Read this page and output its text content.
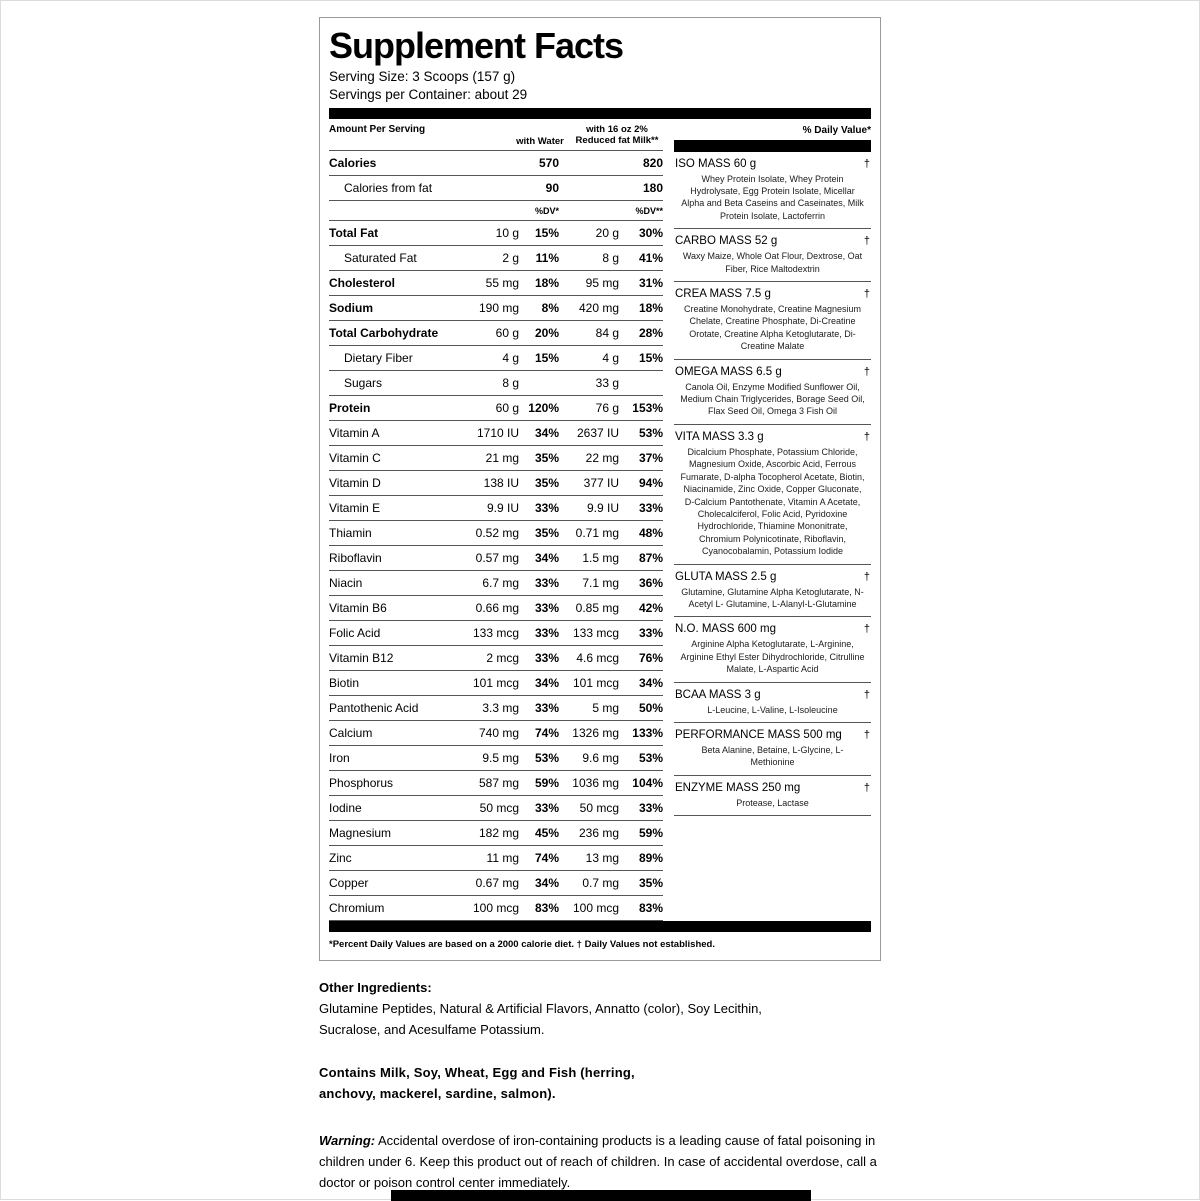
Supplement Facts
Serving Size: 3 Scoops (157 g)
Servings per Container: about 29
Amount Per Serving
with Water
with 16 oz 2% Reduced fat Milk**
Calories	570	820
Calories from fat	90	180
%DV*	%DV**
Total Fat	10 g	15%	20 g	30%
Saturated Fat	2 g	11%	8 g	41%
Cholesterol	55 mg	18%	95 mg	31%
Sodium	190 mg	8%	420 mg	18%
Total Carbohydrate	60 g	20%	84 g	28%
Dietary Fiber	4 g	15%	4 g	15%
Sugars	8 g	33 g
Protein	60 g 120%	76 g	153%
Vitamin A	1710 IU	34%	2637 IU	53%
Vitamin C	21 mg	35%	22 mg	37%
Vitamin D	138 IU	35%	377 IU	94%
Vitamin E	9.9 IU	33%	9.9 IU	33%
Thiamin	0.52 mg	35%	0.71 mg	48%
Riboflavin	0.57 mg	34%	1.5 mg	87%
Niacin	6.7 mg	33%	7.1 mg	36%
Vitamin B6	0.66 mg	33%	0.85 mg	42%
Folic Acid	133 mcg	33%	133 mcg	33%
Vitamin B12	2 mcg	33%	4.6 mcg	76%
Biotin	101 mcg	34%	101 mcg	34%
Pantothenic Acid	3.3 mg	33%	5 mg	50%
Calcium	740 mg	74%	1326 mg	133%
Iron	9.5 mg	53%	9.6 mg	53%
Phosphorus	587 mg	59%	1036 mg	104%
Iodine	50 mcg	33%	50 mcg	33%
Magnesium	182 mg	45%	236 mg	59%
Zinc	11 mg	74%	13 mg	89%
Copper	0.67 mg	34%	0.7 mg	35%
Chromium	100 mcg	83%	100 mcg	83%
% Daily Value*
ISO MASS 60 g	†
Whey Protein Isolate, Whey Protein Hydrolysate, Egg Protein Isolate, Micellar Alpha and Beta Caseins and Caseinates, Milk Protein Isolate, Lactoferrin
CARBO MASS 52 g	†
Waxy Maize, Whole Oat Flour, Dextrose, Oat Fiber, Rice Maltodextrin
CREA MASS 7.5 g	†
Creatine Monohydrate, Creatine Magnesium Chelate, Creatine Phosphate, Di-Creatine Orotate, Creatine Alpha Ketoglutarate, Di-Creatine Malate
OMEGA MASS 6.5 g	†
Canola Oil, Enzyme Modified Sunflower Oil, Medium Chain Triglycerides, Borage Seed Oil, Flax Seed Oil, Omega 3 Fish Oil
VITA MASS 3.3 g	†
Dicalcium Phosphate, Potassium Chloride, Magnesium Oxide, Ascorbic Acid, Ferrous Fumarate, D-alpha Tocopherol Acetate, Biotin, Niacinamide, Zinc Oxide, Copper Gluconate, D-Calcium Pantothenate, Vitamin A Acetate, Cholecalciferol, Folic Acid, Pyridoxine Hydrochloride, Thiamine Mononitrate, Chromium Polynicotinate, Riboflavin, Cyanocobalamin, Potassium Iodide
GLUTA MASS 2.5 g	†
Glutamine, Glutamine Alpha Ketoglutarate, N-Acetyl L- Glutamine, L-Alanyl-L-Glutamine
N.O. MASS 600 mg	†
Arginine Alpha Ketoglutarate, L-Arginine, Arginine Ethyl Ester Dihydrochloride, Citrulline Malate, L-Aspartic Acid
BCAA MASS 3 g	†
L-Leucine, L-Valine, L-Isoleucine
PERFORMANCE MASS 500 mg †
Beta Alanine, Betaine, L-Glycine, L-Methionine
ENZYME MASS 250 mg	†
Protease, Lactase
*Percent Daily Values are based on a 2000 calorie diet. † Daily Values not established.
Other Ingredients:
Glutamine Peptides, Natural & Artificial Flavors, Annatto (color), Soy Lecithin, Sucralose, and Acesulfame Potassium.
Contains Milk, Soy, Wheat, Egg and Fish (herring, anchovy, mackerel, sardine, salmon).
Warning: Accidental overdose of iron-containing products is a leading cause of fatal poisoning in children under 6. Keep this product out of reach of children. In case of accidental overdose, call a doctor or poison control center immediately.
